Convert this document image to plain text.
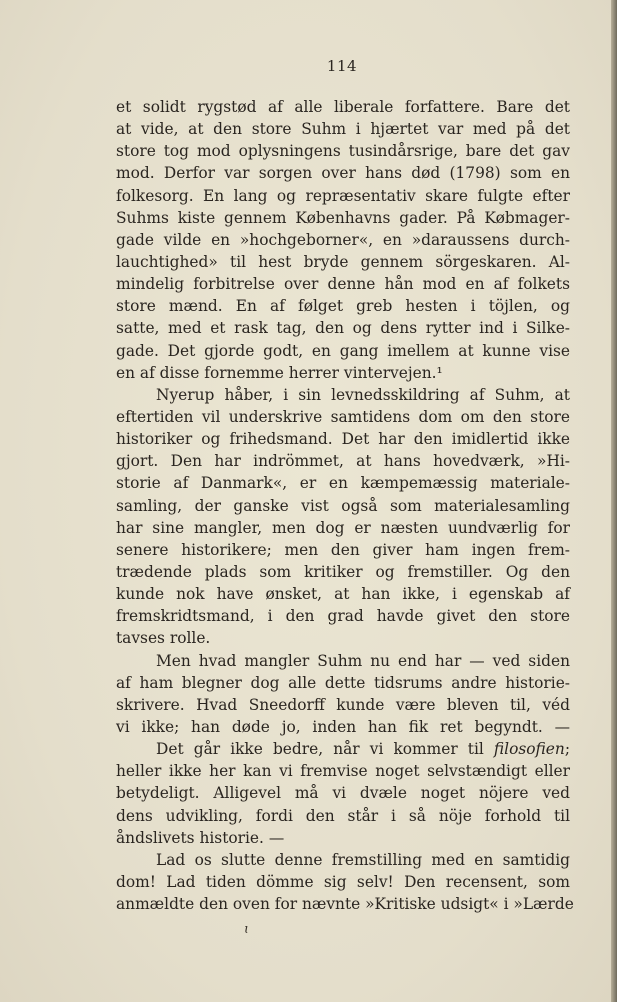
114
et solidt rygstød af alle liberale forfattere. Bare det
at vide, at den store Suhm i hjærtet var med på det
store tog mod oplysningens tusindårsrige, bare det gav
mod. Derfor var sorgen over hans død (1798) som en
folkesorg. En lang og repræsentativ skare fulgte efter
Suhms kiste gennem Københavns gader. På Købmager-
gade vilde en »hochgeborner«, en »daraussens durch-
lauchtighed» til hest bryde gennem sörgeskaren. Al-
mindelig forbitrelse over denne hån mod en af folkets
store mænd. En af følget greb hesten i töjlen, og
satte, med et rask tag, den og dens rytter ind i Silke-
gade. Det gjorde godt, en gang imellem at kunne vise
en af disse fornemme herrer vintervejen.¹
Nyerup håber, i sin levnedsskildring af Suhm, at
eftertiden vil underskrive samtidens dom om den store
historiker og frihedsmand. Det har den imidlertid ikke
gjort. Den har indrömmet, at hans hovedværk, »Hi-
storie af Danmark«, er en kæmpemæssig materiale-
samling, der ganske vist også som materialesamling
har sine mangler, men dog er næsten uundværlig for
senere historikere; men den giver ham ingen frem-
trædende plads som kritiker og fremstiller. Og den
kunde nok have ønsket, at han ikke, i egenskab af
fremskridtsmand, i den grad havde givet den store
tavses rolle.
Men hvad mangler Suhm nu end har — ved siden
af ham blegner dog alle dette tidsrums andre historie-
skrivere. Hvad Sneedorff kunde være bleven til, véd
vi ikke; han døde jo, inden han fik ret begyndt. —
Det går ikke bedre, når vi kommer til filosofien;
heller ikke her kan vi fremvise noget selvstændigt eller
betydeligt. Alligevel må vi dvæle noget nöjere ved
dens udvikling, fordi den står i så nöje forhold til
åndslivets historie. —
Lad os slutte denne fremstilling med en samtidig
dom! Lad tiden dömme sig selv! Den recensent, som
anmældte den oven for nævnte »Kritiske udsigt« i »Lærde
ɩ
